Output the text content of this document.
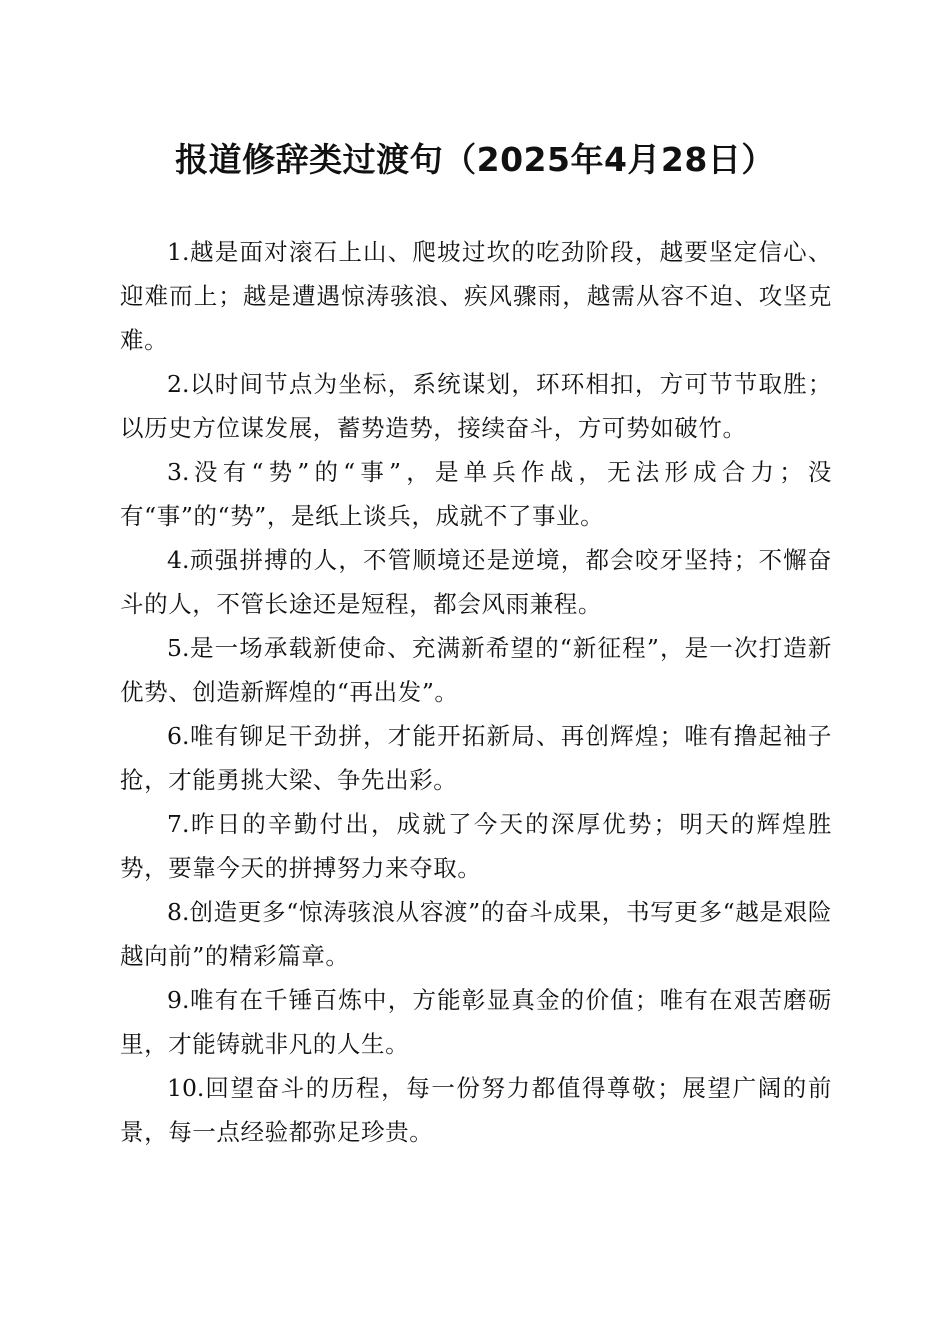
报道修辞类过渡句（2025年4月28日）

1.越是面对滚石上山、爬坡过坎的吃劲阶段，越要坚定信心、迎难而上；越是遭遇惊涛骇浪、疾风骤雨，越需从容不迫、攻坚克难。

2.以时间节点为坐标，系统谋划，环环相扣，方可节节取胜；以历史方位谋发展，蓄势造势，接续奋斗，方可势如破竹。

3.没有“势”的“事”，是单兵作战，无法形成合力；没有“事”的“势”，是纸上谈兵，成就不了事业。

4.顽强拼搏的人，不管顺境还是逆境，都会咬牙坚持；不懈奋斗的人，不管长途还是短程，都会风雨兼程。

5.是一场承载新使命、充满新希望的“新征程”，是一次打造新优势、创造新辉煌的“再出发”。

6.唯有铆足干劲拼，才能开拓新局、再创辉煌；唯有撸起袖子抢，才能勇挑大梁、争先出彩。

7.昨日的辛勤付出，成就了今天的深厚优势；明天的辉煌胜势，要靠今天的拼搏努力来夺取。

8.创造更多“惊涛骇浪从容渡”的奋斗成果，书写更多“越是艰险越向前”的精彩篇章。

9.唯有在千锤百炼中，方能彰显真金的价值；唯有在艰苦磨砺里，才能铸就非凡的人生。

10.回望奋斗的历程，每一份努力都值得尊敬；展望广阔的前景，每一点经验都弥足珍贵。
